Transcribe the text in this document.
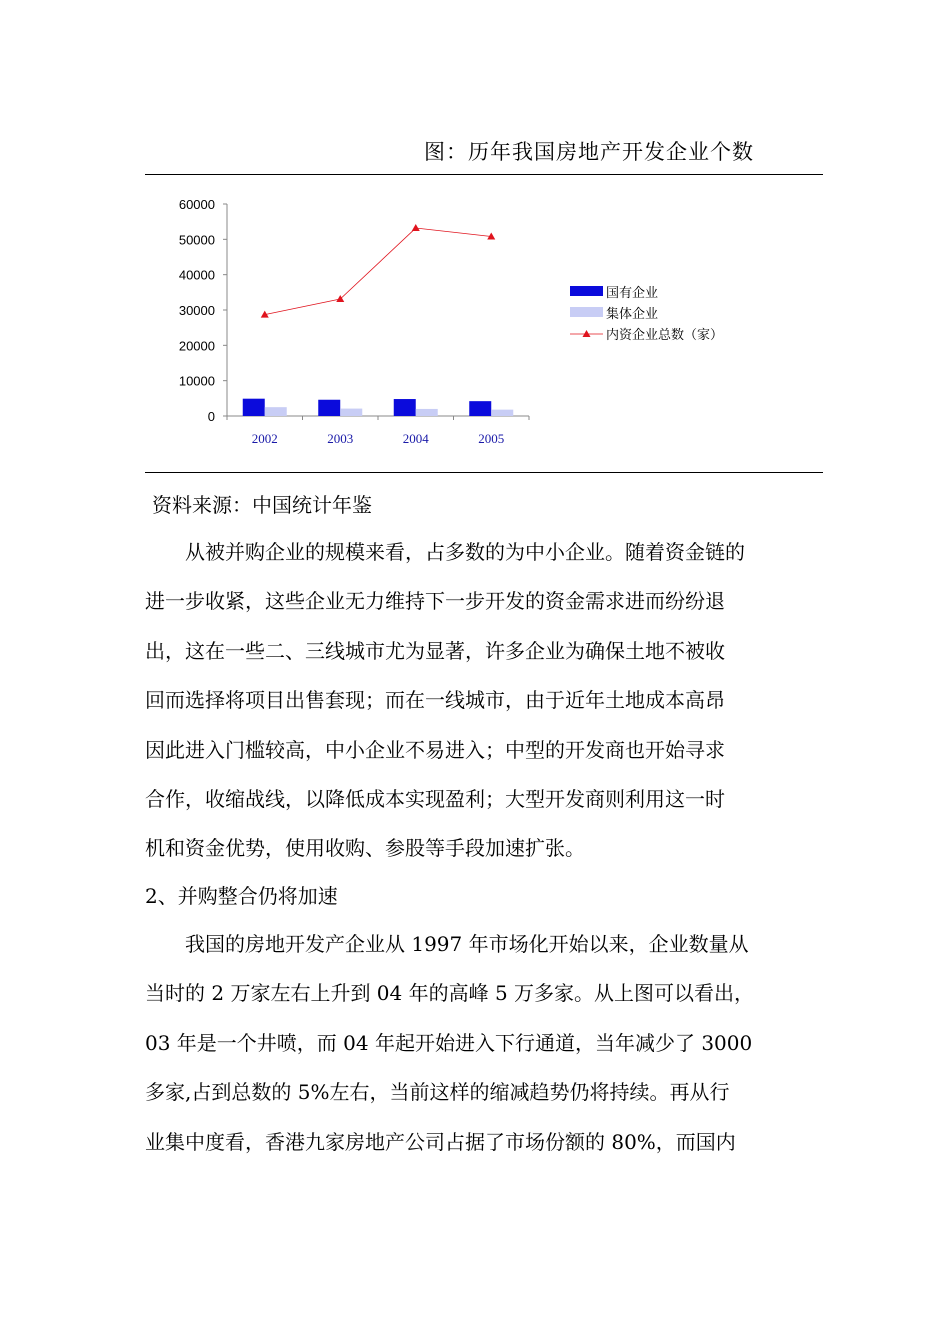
图：历年我国房地产开发企业个数
0
10000
20000
30000
40000
50000
60000
2002	2003	2004	2005
国有企业
集体企业
内资企业总数（家）
资料来源：中国统计年鉴

　　从被并购企业的规模来看，占多数的为中小企业。随着资金链的

进一步收紧，这些企业无力维持下一步开发的资金需求进而纷纷退

出，这在一些二、三线城市尤为显著，许多企业为确保土地不被收

回而选择将项目出售套现；而在一线城市，由于近年土地成本高昂

因此进入门槛较高，中小企业不易进入；中型的开发商也开始寻求

合作，收缩战线，以降低成本实现盈利；大型开发商则利用这一时

机和资金优势，使用收购、参股等手段加速扩张。

2、并购整合仍将加速

　　我国的房地开发产企业从 1997 年市场化开始以来，企业数量从

当时的 2 万家左右上升到 04 年的高峰 5 万多家。从上图可以看出，

03 年是一个井喷，而 04 年起开始进入下行通道，当年减少了 3000

多家,占到总数的 5%左右，当前这样的缩减趋势仍将持续。再从行

业集中度看，香港九家房地产公司占据了市场份额的 80%，而国内
